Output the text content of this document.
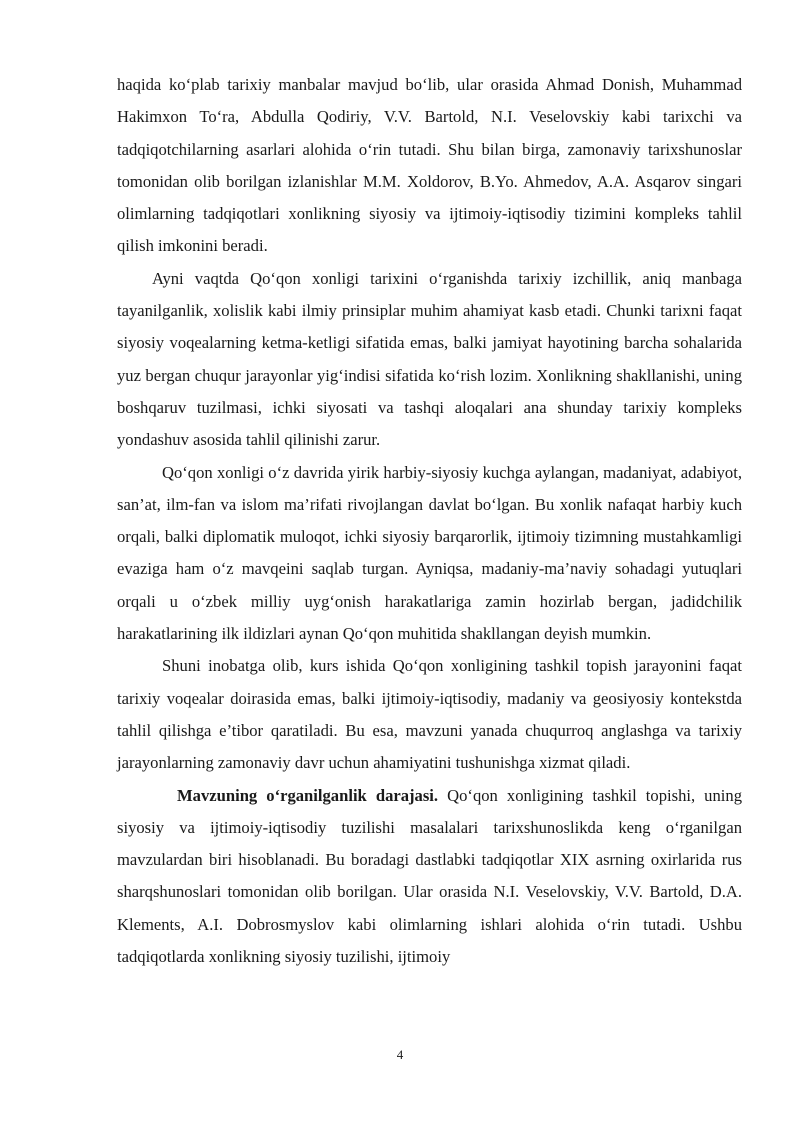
haqida koʻplab tarixiy manbalar mavjud boʻlib, ular orasida Ahmad Donish, Muhammad Hakimxon Toʻra, Abdulla Qodiriy, V.V. Bartold, N.I. Veselovskiy kabi tarixchi va tadqiqotchilarning asarlari alohida oʻrin tutadi. Shu bilan birga, zamonaviy tarixshunoslar tomonidan olib borilgan izlanishlar M.M. Xoldorov, B.Yo. Ahmedov, A.A. Asqarov singari olimlarning tadqiqotlari xonlikning siyosiy va ijtimoiy-iqtisodiy tizimini kompleks tahlil qilish imkonini beradi.

Ayni vaqtda Qoʻqon xonligi tarixini oʻrganishda tarixiy izchillik, aniq manbaga tayanilganlik, xolislik kabi ilmiy prinsiplar muhim ahamiyat kasb etadi. Chunki tarixni faqat siyosiy voqealarning ketma-ketligi sifatida emas, balki jamiyat hayotining barcha sohalarida yuz bergan chuqur jarayonlar yigʻindisi sifatida koʻrish lozim. Xonlikning shakllanishi, uning boshqaruv tuzilmasi, ichki siyosati va tashqi aloqalari ana shunday tarixiy kompleks yondashuv asosida tahlil qilinishi zarur.

Qoʻqon xonligi oʻz davrida yirik harbiy-siyosiy kuchga aylangan, madaniyat, adabiyot, san’at, ilm-fan va islom ma’rifati rivojlangan davlat boʻlgan. Bu xonlik nafaqat harbiy kuch orqali, balki diplomatik muloqot, ichki siyosiy barqarorlik, ijtimoiy tizimning mustahkamligi evaziga ham oʻz mavqeini saqlab turgan. Ayniqsa, madaniy-ma’naviy sohadagi yutuqlari orqali u oʻzbek milliy uygʻonish harakatlariga zamin hozirlab bergan, jadidchilik harakatlarining ilk ildizlari aynan Qoʻqon muhitida shakllangan deyish mumkin.

Shuni inobatga olib, kurs ishida Qoʻqon xonligining tashkil topish jarayonini faqat tarixiy voqealar doirasida emas, balki ijtimoiy-iqtisodiy, madaniy va geosiyosiy kontekstda tahlil qilishga e’tibor qaratiladi. Bu esa, mavzuni yanada chuqurroq anglashga va tarixiy jarayonlarning zamonaviy davr uchun ahamiyatini tushunishga xizmat qiladi.

Mavzuning oʻrganilganlik darajasi. Qoʻqon xonligining tashkil topishi, uning siyosiy va ijtimoiy-iqtisodiy tuzilishi masalalari tarixshunoslikda keng oʻrganilgan mavzulardan biri hisoblanadi. Bu boradagi dastlabki tadqiqotlar XIX asrning oxirlarida rus sharqshunoslari tomonidan olib borilgan. Ular orasida N.I. Veselovskiy, V.V. Bartold, D.A. Klements, A.I. Dobrosmyslov kabi olimlarning ishlari alohida oʻrin tutadi. Ushbu tadqiqotlarda xonlikning siyosiy tuzilishi, ijtimoiy

4
